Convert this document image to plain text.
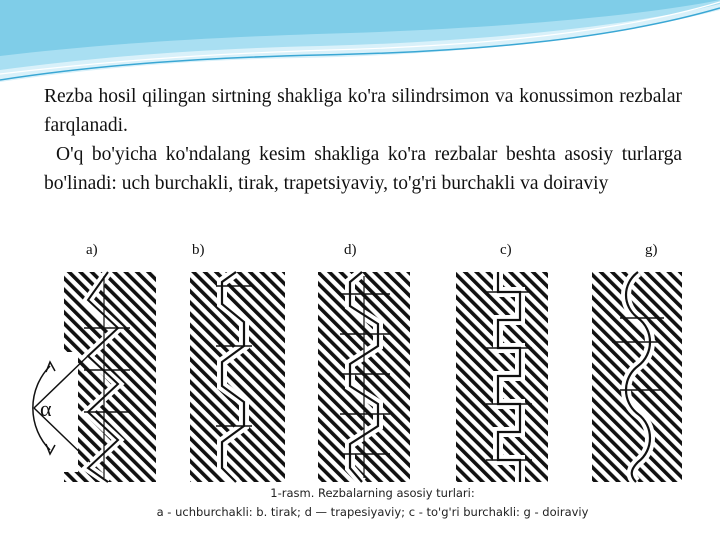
Rezba hosil qilingan sirtning shakliga ko'ra silindrsimon va konussimon rezbalar farqlanadi.

O'q bo'yicha ko'ndalang kesim shakliga ko'ra rezbalar beshta asosiy turlarga bo'linadi: uch burchakli, tirak, trapetsiyaviy, to'g'ri burchakli va doiraviy

a)	b)	d)	c)	g)
α
1-rasm. Rezbalarning asosiy turlari:
a - uchburchakli: b. tirak; d — trapesiyaviy; c - to'g'ri burchakli: g - doiraviy
